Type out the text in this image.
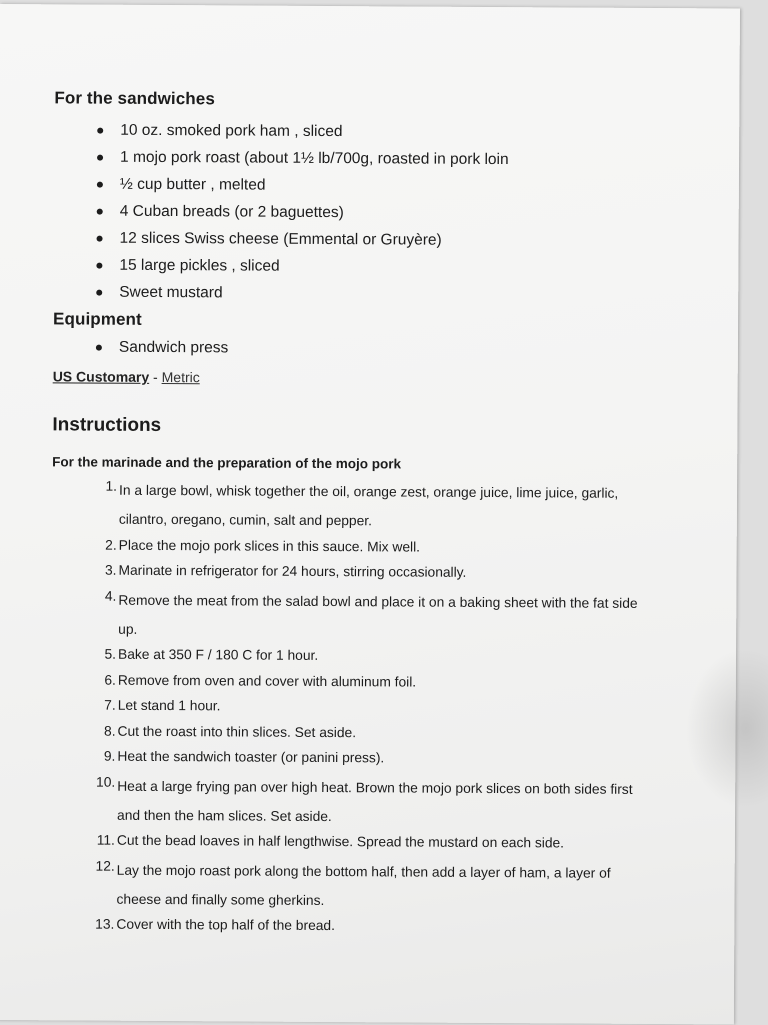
For the sandwiches
10 oz. smoked pork ham , sliced
1 mojo pork roast (about 1½ lb/700g, roasted in pork loin
½ cup butter , melted
4 Cuban breads (or 2 baguettes)
12 slices Swiss cheese (Emmental or Gruyère)
15 large pickles , sliced
Sweet mustard
Equipment
Sandwich press
US Customary - Metric
Instructions
For the marinade and the preparation of the mojo pork
1. In a large bowl, whisk together the oil, orange zest, orange juice, lime juice, garlic,
cilantro, oregano, cumin, salt and pepper.
2. Place the mojo pork slices in this sauce. Mix well.
3. Marinate in refrigerator for 24 hours, stirring occasionally.
4. Remove the meat from the salad bowl and place it on a baking sheet with the fat side
up.
5. Bake at 350 F / 180 C for 1 hour.
6. Remove from oven and cover with aluminum foil.
7. Let stand 1 hour.
8. Cut the roast into thin slices. Set aside.
9. Heat the sandwich toaster (or panini press).
10. Heat a large frying pan over high heat. Brown the mojo pork slices on both sides first
and then the ham slices. Set aside.
11. Cut the bead loaves in half lengthwise. Spread the mustard on each side.
12. Lay the mojo roast pork along the bottom half, then add a layer of ham, a layer of
cheese and finally some gherkins.
13. Cover with the top half of the bread.
